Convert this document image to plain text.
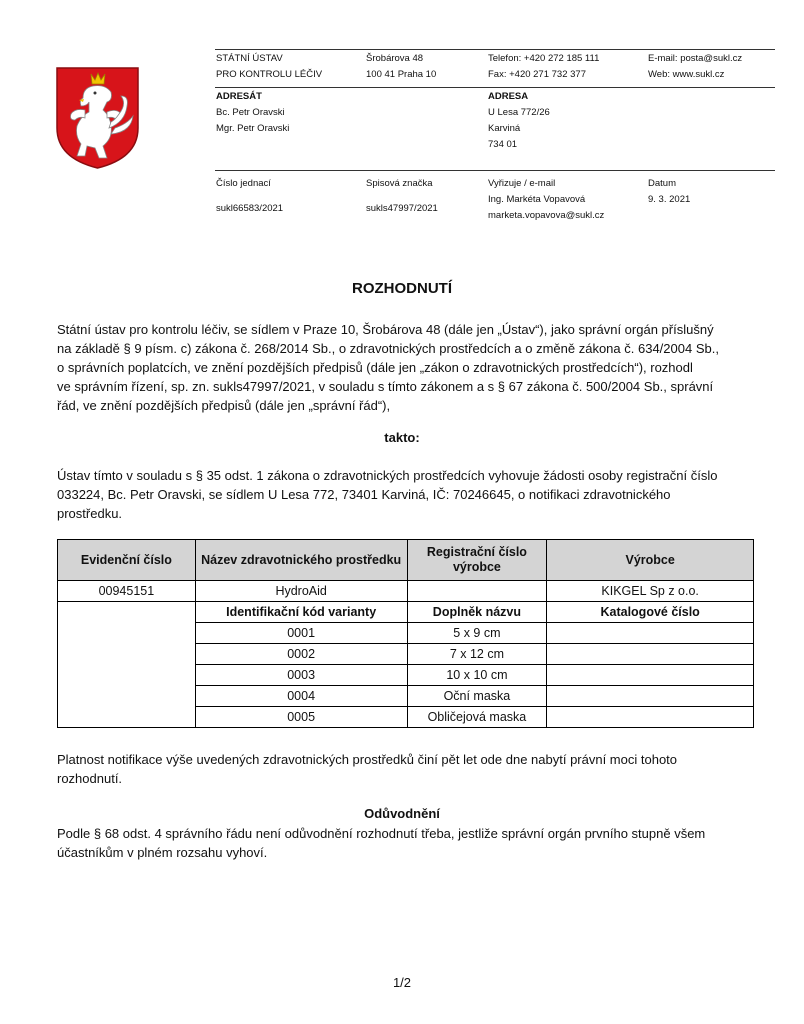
STÁTNÍ ÚSTAV
PRO KONTROLU LÉČIV
Šrobárova 48
100 41 Praha 10
Telefon: +420 272 185 111
Fax: +420 271 732 377
E-mail: posta@sukl.cz
Web: www.sukl.cz
ADRESÁT
Bc. Petr Oravski
Mgr. Petr Oravski
ADRESA
U Lesa 772/26
Karviná
734 01
Číslo jednací
sukl66583/2021
Spisová značka
sukls47997/2021
Vyřizuje / e-mail
Ing. Markéta Vopavová
marketa.vopavova@sukl.cz
Datum
9. 3. 2021
ROZHODNUTÍ
Státní ústav pro kontrolu léčiv, se sídlem v Praze 10, Šrobárova 48 (dále jen „Ústav“), jako správní orgán příslušný
na základě § 9 písm. c) zákona č. 268/2014 Sb., o zdravotnických prostředcích a o změně zákona č. 634/2004 Sb.,
o správních poplatcích, ve znění pozdějších předpisů (dále jen „zákon o zdravotnických prostředcích“), rozhodl
ve správním řízení, sp. zn. sukls47997/2021, v souladu s tímto zákonem a s § 67 zákona č. 500/2004 Sb., správní
řád, ve znění pozdějších předpisů (dále jen „správní řád“),
takto:
Ústav tímto v souladu s § 35 odst. 1 zákona o zdravotnických prostředcích vyhovuje žádosti osoby registrační číslo
033224, Bc. Petr Oravski, se sídlem U Lesa 772, 73401 Karviná, IČ: 70246645, o notifikaci zdravotnického
prostředku.
Evidenční číslo	Název zdravotnického prostředku	Registrační číslo výrobce	Výrobce
00945151	HydroAid		KIKGEL Sp z o.o.
	Identifikační kód varianty	Doplněk názvu	Katalogové číslo
	0001	5 x 9 cm	
	0002	7 x 12 cm	
	0003	10 x 10 cm	
	0004	Oční maska	
	0005	Obličejová maska	
Platnost notifikace výše uvedených zdravotnických prostředků činí pět let ode dne nabytí právní moci tohoto
rozhodnutí.
Odůvodnění
Podle § 68 odst. 4 správního řádu není odůvodnění rozhodnutí třeba, jestliže správní orgán prvního stupně všem
účastníkům v plném rozsahu vyhoví.
1/2
